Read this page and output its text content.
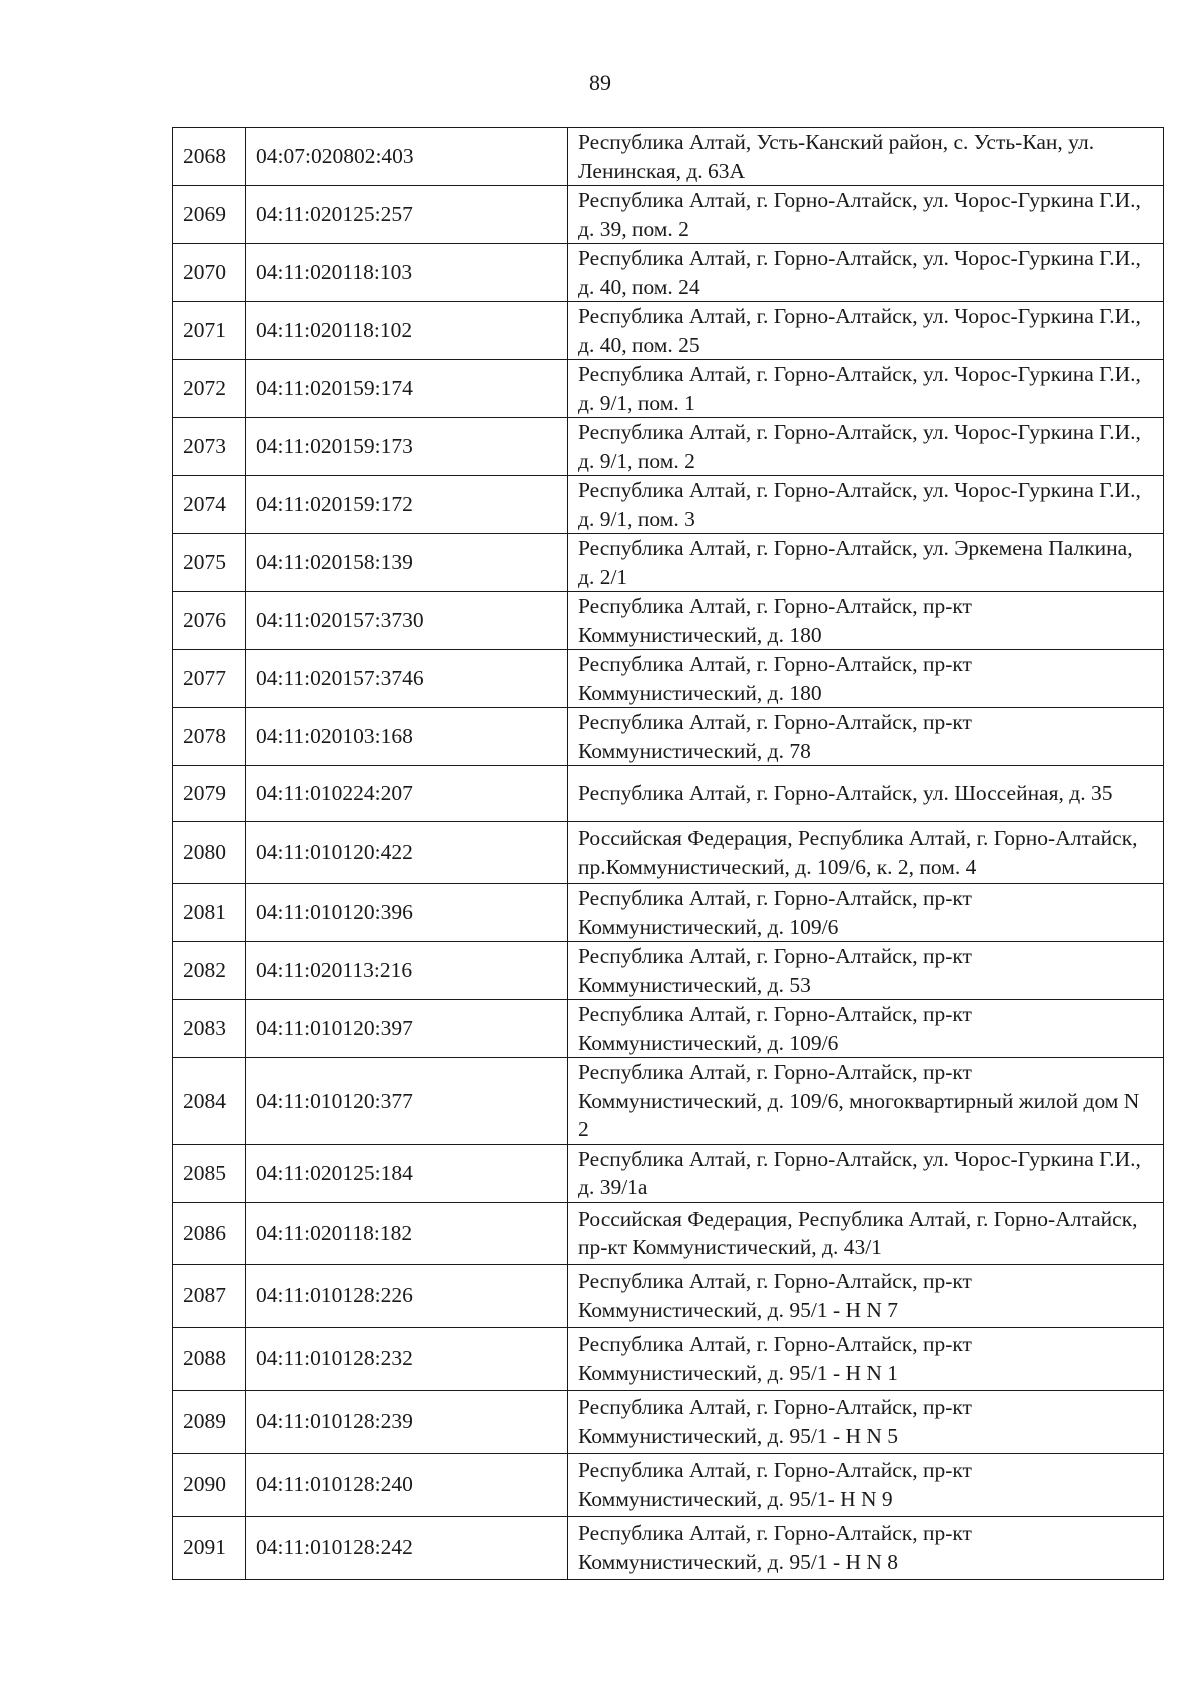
89
2068	04:07:020802:403	Республика Алтай, Усть-Канский район, с. Усть-Кан, ул. Ленинская, д. 63А
2069	04:11:020125:257	Республика Алтай, г. Горно-Алтайск, ул. Чорос-Гуркина Г.И., д. 39, пом. 2
2070	04:11:020118:103	Республика Алтай, г. Горно-Алтайск, ул. Чорос-Гуркина Г.И., д. 40, пом. 24
2071	04:11:020118:102	Республика Алтай, г. Горно-Алтайск, ул. Чорос-Гуркина Г.И., д. 40, пом. 25
2072	04:11:020159:174	Республика Алтай, г. Горно-Алтайск, ул. Чорос-Гуркина Г.И., д. 9/1, пом. 1
2073	04:11:020159:173	Республика Алтай, г. Горно-Алтайск, ул. Чорос-Гуркина Г.И., д. 9/1, пом. 2
2074	04:11:020159:172	Республика Алтай, г. Горно-Алтайск, ул. Чорос-Гуркина Г.И., д. 9/1, пом. 3
2075	04:11:020158:139	Республика Алтай, г. Горно-Алтайск, ул. Эркемена Палкина, д. 2/1
2076	04:11:020157:3730	Республика Алтай, г. Горно-Алтайск, пр-кт Коммунистический, д. 180
2077	04:11:020157:3746	Республика Алтай, г. Горно-Алтайск, пр-кт Коммунистический, д. 180
2078	04:11:020103:168	Республика Алтай, г. Горно-Алтайск, пр-кт Коммунистический, д. 78
2079	04:11:010224:207	Республика Алтай, г. Горно-Алтайск, ул. Шоссейная, д. 35
2080	04:11:010120:422	Российская Федерация, Республика Алтай, г. Горно-Алтайск, пр.Коммунистический, д. 109/6, к. 2, пом. 4
2081	04:11:010120:396	Республика Алтай, г. Горно-Алтайск, пр-кт Коммунистический, д. 109/6
2082	04:11:020113:216	Республика Алтай, г. Горно-Алтайск, пр-кт Коммунистический, д. 53
2083	04:11:010120:397	Республика Алтай, г. Горно-Алтайск, пр-кт Коммунистический, д. 109/6
2084	04:11:010120:377	Республика Алтай, г. Горно-Алтайск, пр-кт Коммунистический, д. 109/6, многоквартирный жилой дом N 2
2085	04:11:020125:184	Республика Алтай, г. Горно-Алтайск, ул. Чорос-Гуркина Г.И., д. 39/1а
2086	04:11:020118:182	Российская Федерация, Республика Алтай, г. Горно-Алтайск, пр-кт Коммунистический, д. 43/1
2087	04:11:010128:226	Республика Алтай, г. Горно-Алтайск, пр-кт Коммунистический, д. 95/1 - Н N 7
2088	04:11:010128:232	Республика Алтай, г. Горно-Алтайск, пр-кт Коммунистический, д. 95/1 - Н N 1
2089	04:11:010128:239	Республика Алтай, г. Горно-Алтайск, пр-кт Коммунистический, д. 95/1 - Н N 5
2090	04:11:010128:240	Республика Алтай, г. Горно-Алтайск, пр-кт Коммунистический, д. 95/1- Н N 9
2091	04:11:010128:242	Республика Алтай, г. Горно-Алтайск, пр-кт Коммунистический, д. 95/1 - Н N 8
